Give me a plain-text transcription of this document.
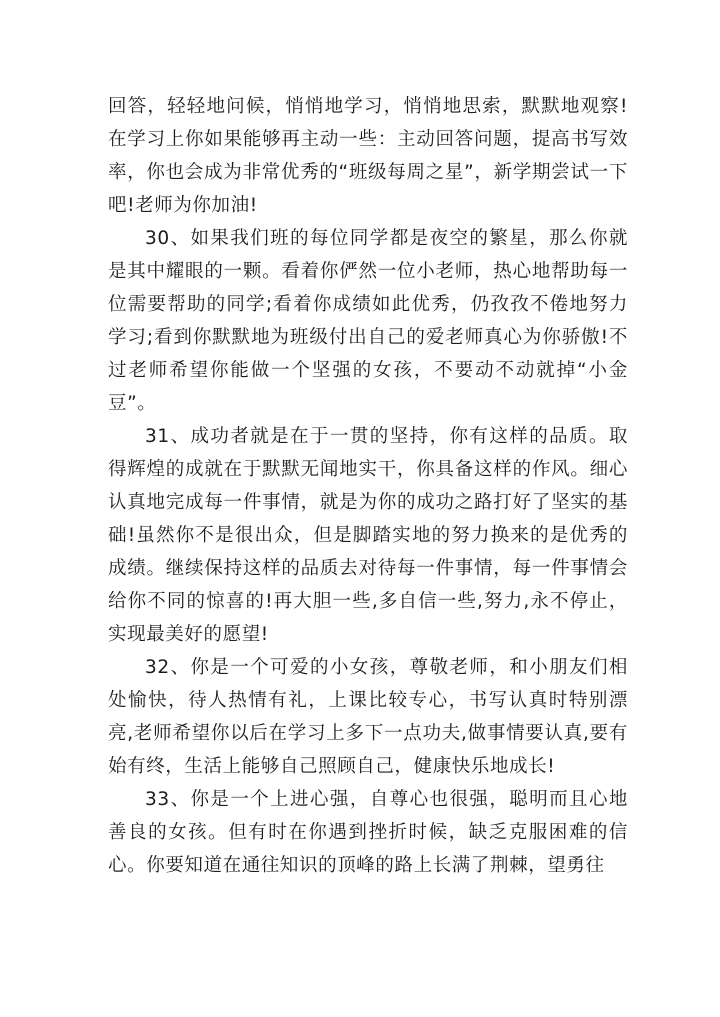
回答，轻轻地问候，悄悄地学习，悄悄地思索，默默地观察!在学习上你如果能够再主动一些：主动回答问题，提高书写效率，你也会成为非常优秀的“班级每周之星”，新学期尝试一下吧!老师为你加油!

30、如果我们班的每位同学都是夜空的繁星，那么你就是其中耀眼的一颗。看着你俨然一位小老师，热心地帮助每一位需要帮助的同学;看着你成绩如此优秀，仍孜孜不倦地努力学习;看到你默默地为班级付出自己的爱老师真心为你骄傲!不过老师希望你能做一个坚强的女孩，不要动不动就掉“小金豆”。

31、成功者就是在于一贯的坚持，你有这样的品质。取得辉煌的成就在于默默无闻地实干，你具备这样的作风。细心认真地完成每一件事情，就是为你的成功之路打好了坚实的基础!虽然你不是很出众，但是脚踏实地的努力换来的是优秀的成绩。继续保持这样的品质去对待每一件事情，每一件事情会给你不同的惊喜的!再大胆一些,多自信一些,努力,永不停止，实现最美好的愿望!

32、你是一个可爱的小女孩，尊敬老师，和小朋友们相处愉快，待人热情有礼，上课比较专心，书写认真时特别漂亮,老师希望你以后在学习上多下一点功夫,做事情要认真,要有始有终，生活上能够自己照顾自己，健康快乐地成长!

33、你是一个上进心强，自尊心也很强，聪明而且心地善良的女孩。但有时在你遇到挫折时候，缺乏克服困难的信心。你要知道在通往知识的顶峰的路上长满了荆棘，望勇往
